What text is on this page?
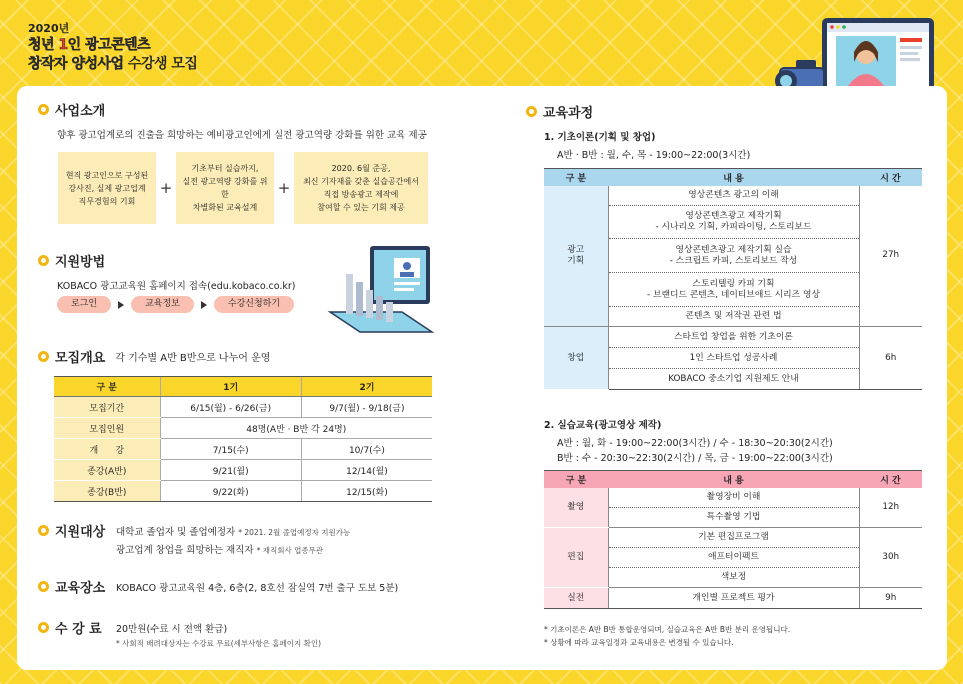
2020년
청년 1인 광고콘텐츠
창작자 양성사업 수강생 모집
사업소개
향후 광고업계로의 진출을 희망하는 예비광고인에게 실전 광고역량 강화를 위한 교육 제공
현직 광고인으로 구성된
강사진, 실제 광고업계
직무경험의 기회
+
기초부터 실습까지,
실전 광고역량 강화를 위한
차별화된 교육설계
+
2020. 6월 준공,
최신 기자재를 갖춘 실습공간에서
직접 방송광고 제작에
참여할 수 있는 기회 제공
지원방법
KOBACO 광고교육원 홈페이지 접속(edu.kobaco.co.kr)
로그인	교육정보	수강신청하기
모집개요 각 기수별 A반 B반으로 나누어 운영
구 분	1기	2기
모집기간	6/15(월) - 6/26(금)	9/7(월) - 9/18(금)
모집인원	48명(A반 · B반 각 24명)	
개      강	7/15(수)	10/7(수)
종강(A반)	9/21(월)	12/14(월)
종강(B반)	9/22(화)	12/15(화)
지원대상 대학교 졸업자 및 졸업예정자 * 2021. 2월 졸업예정자 지원가능
광고업계 창업을 희망하는 재직자 * 재직회사 업종무관
교육장소 KOBACO 광고교육원 4층, 6층(2, 8호선 잠실역 7번 출구 도보 5분)
수 강 료 20만원(수료 시 전액 환급)
* 사회적 배려대상자는 수강료 무료(세부사항은 홈페이지 확인)
교육과정
1. 기초이론(기획 및 창업)
A반 · B반 : 월, 수, 목 - 19:00~22:00(3시간)
구 분	내 용	시 간
광고
기획	영상콘텐츠 광고의 이해	27h
	영상콘텐츠광고 제작기획
- 시나리오 기획, 카피라이팅, 스토리보드	
	영상콘텐츠광고 제작기획 실습
- 스크립트 카피, 스토리보드 작성	
	스토리텔링 카피 기획
- 브랜디드 콘텐츠, 네이티브애드 시리즈 영상	
	콘텐츠 및 저작권 관련 법	
창업	스타트업 창업을 위한 기초이론	6h
	1인 스타트업 성공사례	
	KOBACO 중소기업 지원제도 안내	
2. 실습교육(광고영상 제작)
A반 : 월, 화 - 19:00~22:00(3시간) / 수 - 18:30~20:30(2시간)
B반 : 수 - 20:30~22:30(2시간) / 목, 금 - 19:00~22:00(3시간)
구 분	내 용	시 간
촬영	촬영장비 이해	12h
	특수촬영 기법	
편집	기본 편집프로그램	30h
	애프터이펙트	
	색보정	
실전	개인별 프로젝트 평가	9h
* 기초이론은 A반 B반 통합운영되며, 실습교육은 A반 B반 분리 운영됩니다.
* 상황에 따라 교육일정과 교육내용은 변경될 수 있습니다.
